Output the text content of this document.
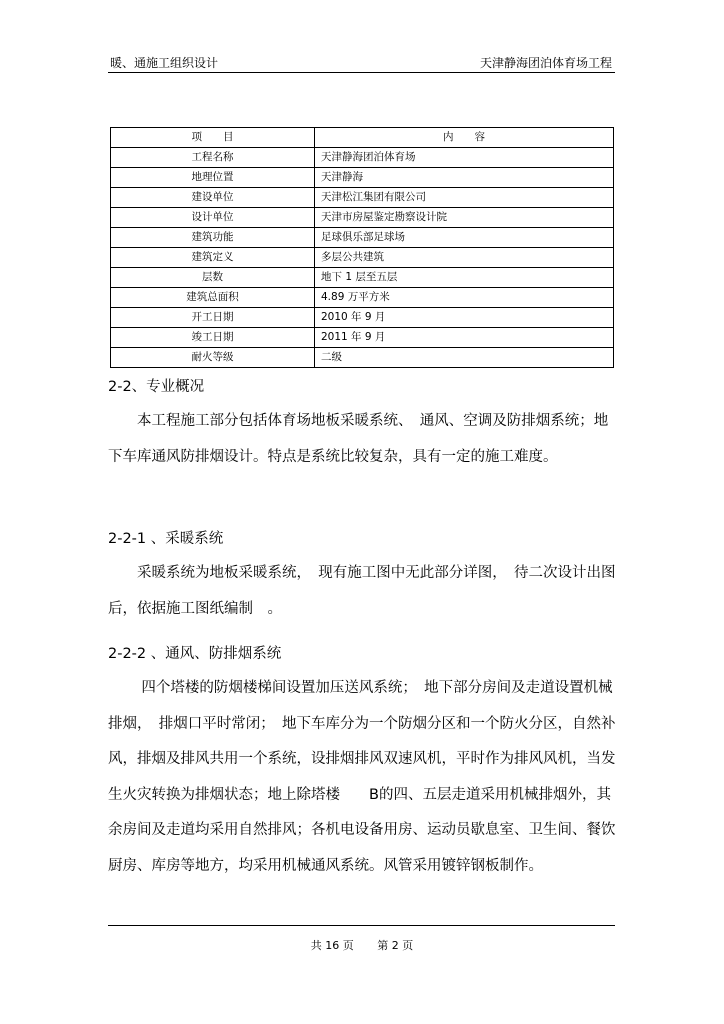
暖、通施工组织设计	天津静海团泊体育场工程
项　　目	内　　容
工程名称	天津静海团泊体育场
地理位置	天津静海
建设单位	天津松江集团有限公司
设计单位	天津市房屋鉴定勘察设计院
建筑功能	足球俱乐部足球场
建筑定义	多层公共建筑
层数	地下 1 层至五层
建筑总面积	4.89 万平方米
开工日期	2010 年 9 月
竣工日期	2011 年 9 月
耐火等级	二级
2-2、专业概况

本工程施工部分包括体育场地板采暖系统、　通风、空调及防排烟系统；地下车库通风防排烟设计。特点是系统比较复杂，具有一定的施工难度。

2-2-1 、采暖系统

采暖系统为地板采暖系统，　现有施工图中无此部分详图，　待二次设计出图后，依据施工图纸编制　。

2-2-2 、通风、防排烟系统

四个塔楼的防烟楼梯间设置加压送风系统；　地下部分房间及走道设置机械排烟，　排烟口平时常闭；　地下车库分为一个防烟分区和一个防火分区，自然补风，排烟及排风共用一个系统，设排烟排风双速风机，平时作为排风风机，当发生火灾转换为排烟状态；地上除塔楼　　B的四、五层走道采用机械排烟外，其余房间及走道均采用自然排风；各机电设备用房、运动员歇息室、卫生间、餐饮厨房、库房等地方，均采用机械通风系统。风管采用镀锌钢板制作。

共 16 页 第 2 页
